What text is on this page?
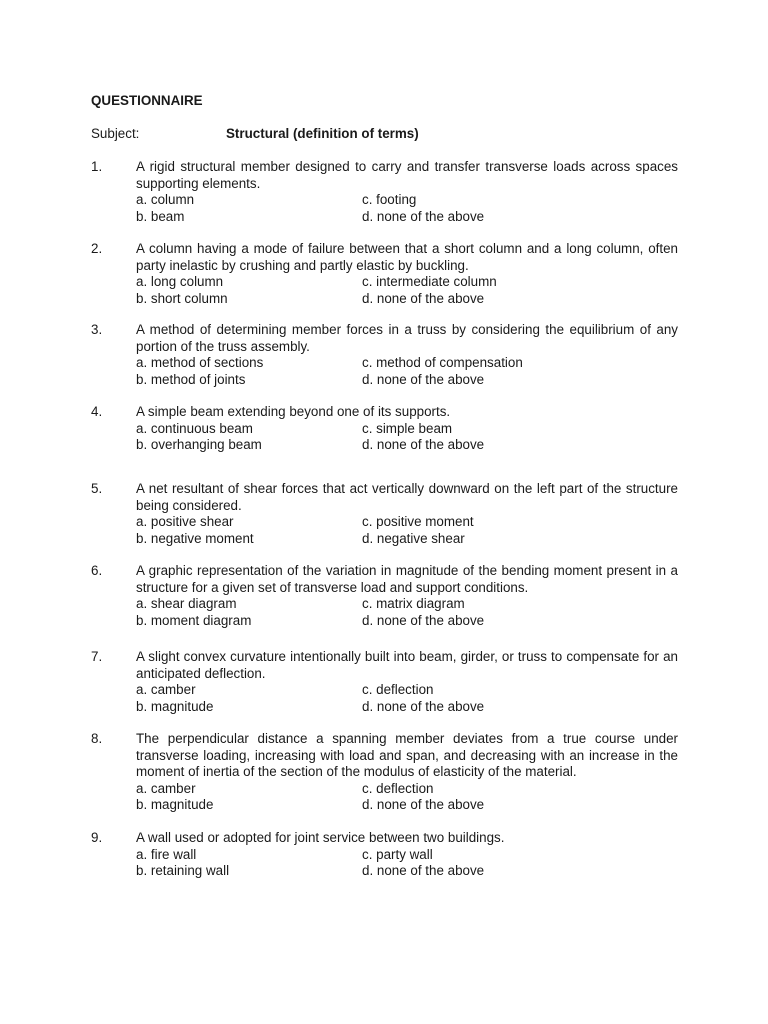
QUESTIONNAIRE
Subject:	Structural (definition of terms)
1.	A rigid structural member designed to carry and transfer transverse loads across spaces supporting elements.
a. column	c. footing
b. beam	d. none of the above
2.	A column having a mode of failure between that a short column and a long column, often party inelastic by crushing and partly elastic by buckling.
a. long column	c. intermediate column
b. short column	d. none of the above
3.	A method of determining member forces in a truss by considering the equilibrium of any portion of the truss assembly.
a. method of sections	c. method of compensation
b. method of joints	d. none of the above
4.	A simple beam extending beyond one of its supports.
a. continuous beam	c. simple beam
b. overhanging beam	d. none of the above
5.	A net resultant of shear forces that act vertically downward on the left part of the structure being considered.
a. positive shear	c. positive moment
b. negative moment	d. negative shear
6.	A graphic representation of the variation in magnitude of the bending moment present in a structure for a given set of transverse load and support conditions.
a. shear diagram	c. matrix diagram
b. moment diagram	d. none of the above
7.	A slight convex curvature intentionally built into beam, girder, or truss to compensate for an anticipated deflection.
a. camber	c. deflection
b. magnitude	d. none of the above
8.	The perpendicular distance a spanning member deviates from a true course under transverse loading, increasing with load and span, and decreasing with an increase in the moment of inertia of the section of the modulus of elasticity of the material.
a. camber	c. deflection
b. magnitude	d. none of the above
9.	A wall used or adopted for joint service between two buildings.
a. fire wall	c. party wall
b. retaining wall	d. none of the above
